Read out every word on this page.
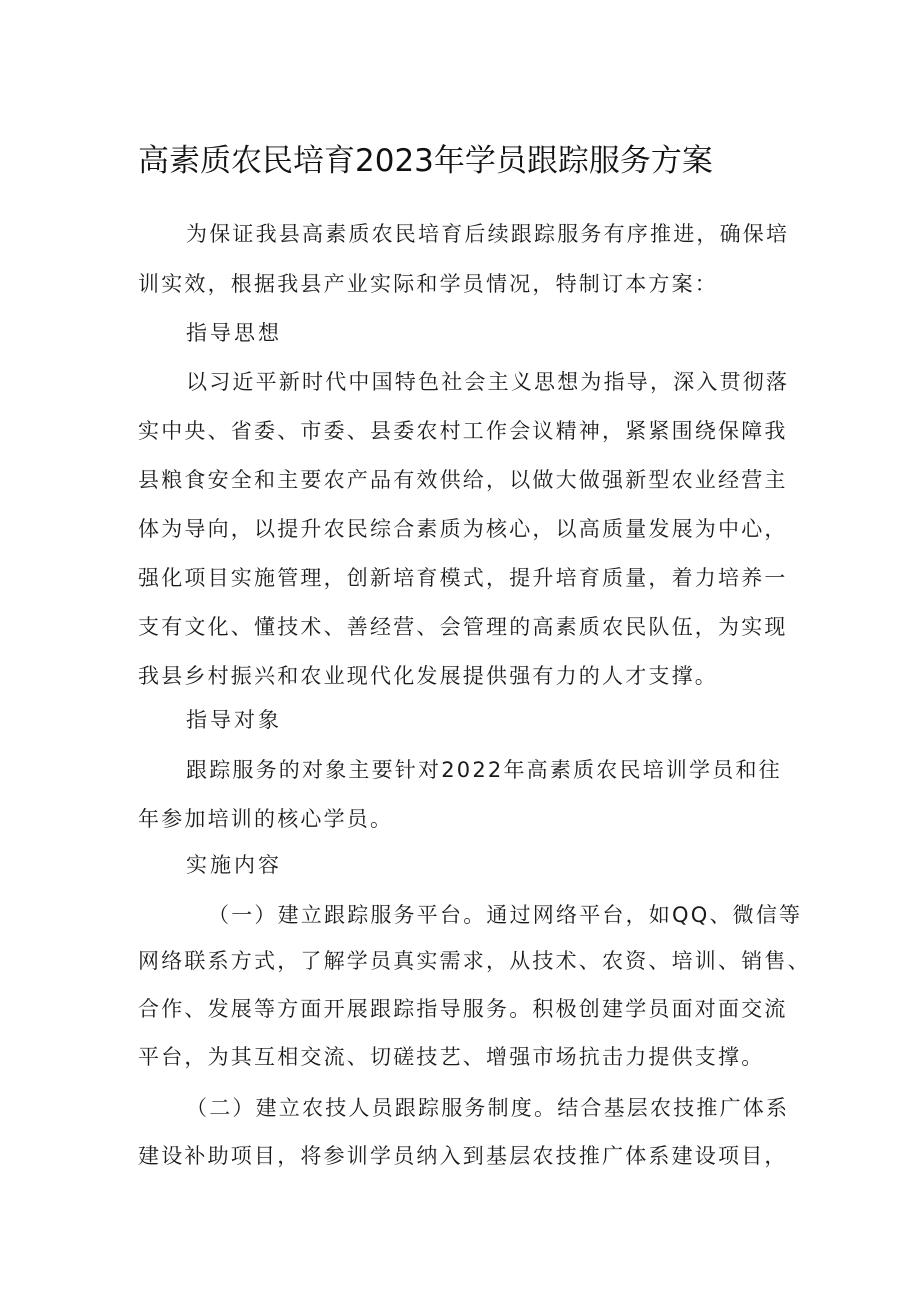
高素质农民培育2023年学员跟踪服务方案

为保证我县高素质农民培育后续跟踪服务有序推进，确保培

训实效，根据我县产业实际和学员情况，特制订本方案：

指导思想

以习近平新时代中国特色社会主义思想为指导，深入贯彻落

实中央、省委、市委、县委农村工作会议精神，紧紧围绕保障我

县粮食安全和主要农产品有效供给，以做大做强新型农业经营主

体为导向，以提升农民综合素质为核心，以高质量发展为中心，

强化项目实施管理，创新培育模式，提升培育质量，着力培养一

支有文化、懂技术、善经营、会管理的高素质农民队伍，为实现

我县乡村振兴和农业现代化发展提供强有力的人才支撑。

指导对象

跟踪服务的对象主要针对2022年高素质农民培训学员和往

年参加培训的核心学员。

实施内容

（一）建立跟踪服务平台。通过网络平台，如QQ、微信等

网络联系方式，了解学员真实需求，从技术、农资、培训、销售、

合作、发展等方面开展跟踪指导服务。积极创建学员面对面交流

平台，为其互相交流、切磋技艺、增强市场抗击力提供支撑。

（二）建立农技人员跟踪服务制度。结合基层农技推广体系

建设补助项目，将参训学员纳入到基层农技推广体系建设项目，
